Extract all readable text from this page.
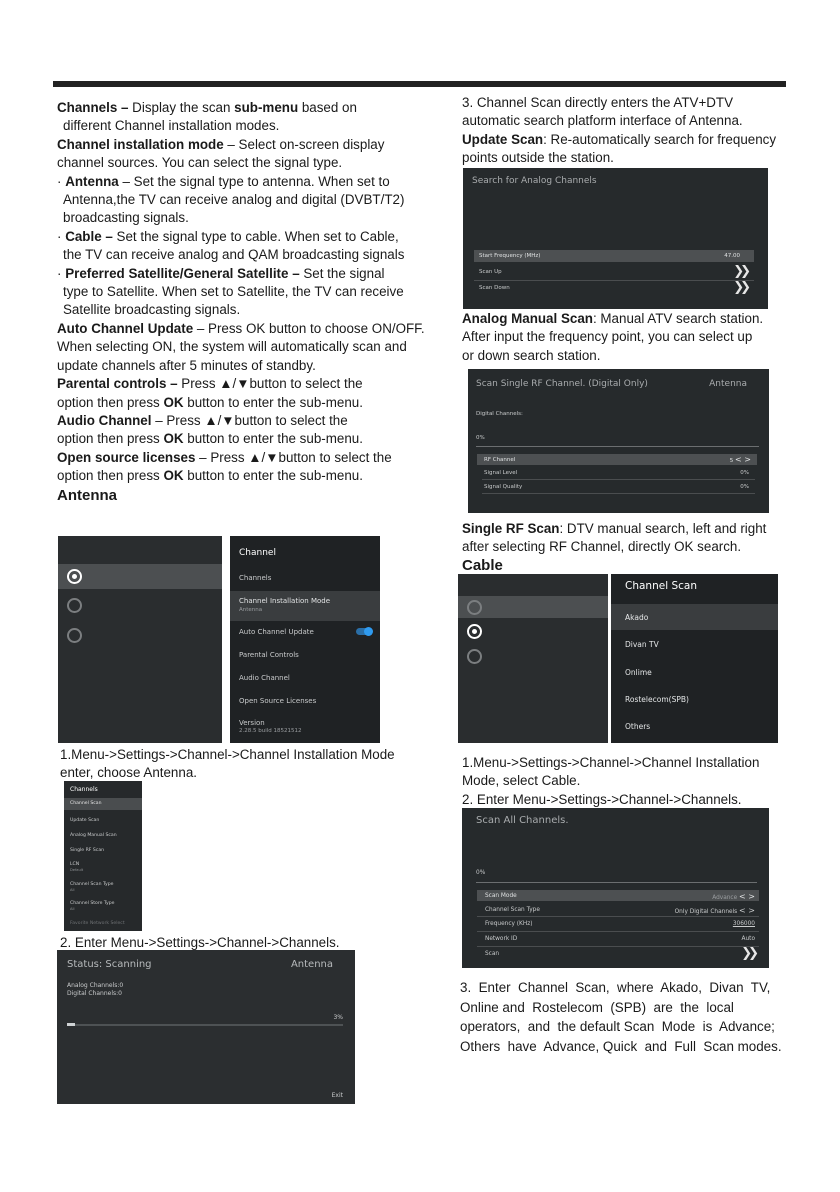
Channels – Display the scan sub-menu based on

different Channel installation modes.

Channel installation mode – Select on-screen display

channel sources. You can select the signal type.

· Antenna – Set the signal type to antenna. When set to

Antenna,the TV can receive analog and digital (DVBT/T2)

broadcasting signals.

· Cable – Set the signal type to cable. When set to Cable,

the TV can receive analog and QAM broadcasting signals

· Preferred Satellite/General Satellite – Set the signal

type to Satellite. When set to Satellite, the TV can receive

Satellite broadcasting signals.

Auto Channel Update – Press OK button to choose ON/OFF.

When selecting ON, the system will automatically scan and

update channels after 5 minutes of standby.

Parental controls – Press ▲/▼button to select the

option then press OK button to enter the sub-menu.

Audio Channel – Press ▲/▼button to select the

option then press OK button to enter the sub-menu.

Open source licenses – Press ▲/▼button to select the

option then press OK button to enter the sub-menu.

Antenna

Channel
Channels
Channel Installation Mode
Antenna
Auto Channel Update
Parental Controls
Audio Channel
Open Source Licenses
Version
2.28.5 build 18521512

1.Menu->Settings->Channel->Channel Installation Mode

enter, choose Antenna.

Channels
Channel Scan
Update Scan
Analog Manual Scan
Single RF Scan
LCN
Default
Channel Scan Type
All
Channel Store Type
All
Favorite Network Select

2. Enter Menu->Settings->Channel->Channels.

Status: Scanning	Antenna
Analog Channels:0
Digital Channels:0
3%
Exit

3. Channel Scan directly enters the ATV+DTV

automatic search platform interface of Antenna.

Update Scan: Re-automatically search for frequency

points outside the station.

Search for Analog Channels
Start Frequency (MHz)	47.00
Scan Up	❯❯
Scan Down	❯❯

Analog Manual Scan: Manual ATV search station.

After input the frequency point, you can select up

or down search station.

Scan Single RF Channel. (Digital Only)	Antenna
Digital Channels:
0%
RF Channel	5 < >
Signal Level	0%
Signal Quality	0%

Single RF Scan: DTV manual search, left and right

after selecting RF Channel, directly OK search.

Cable

Channel Scan
Akado
Divan TV
Onlime
Rostelecom(SPB)
Others

1.Menu->Settings->Channel->Channel Installation

Mode, select Cable.

2. Enter Menu->Settings->Channel->Channels.

Scan All Channels.
0%
Scan Mode	Advance < >
Channel Scan Type	Only Digital Channels < >
Frequency (KHz)	306000
Network ID	Auto
Scan	❯❯

3.  Enter  Channel  Scan,  where  Akado,  Divan  TV,

Online and  Rostelecom  (SPB)  are  the  local

operators,  and  the default Scan  Mode  is  Advance;

Others  have  Advance, Quick  and  Full  Scan modes.
